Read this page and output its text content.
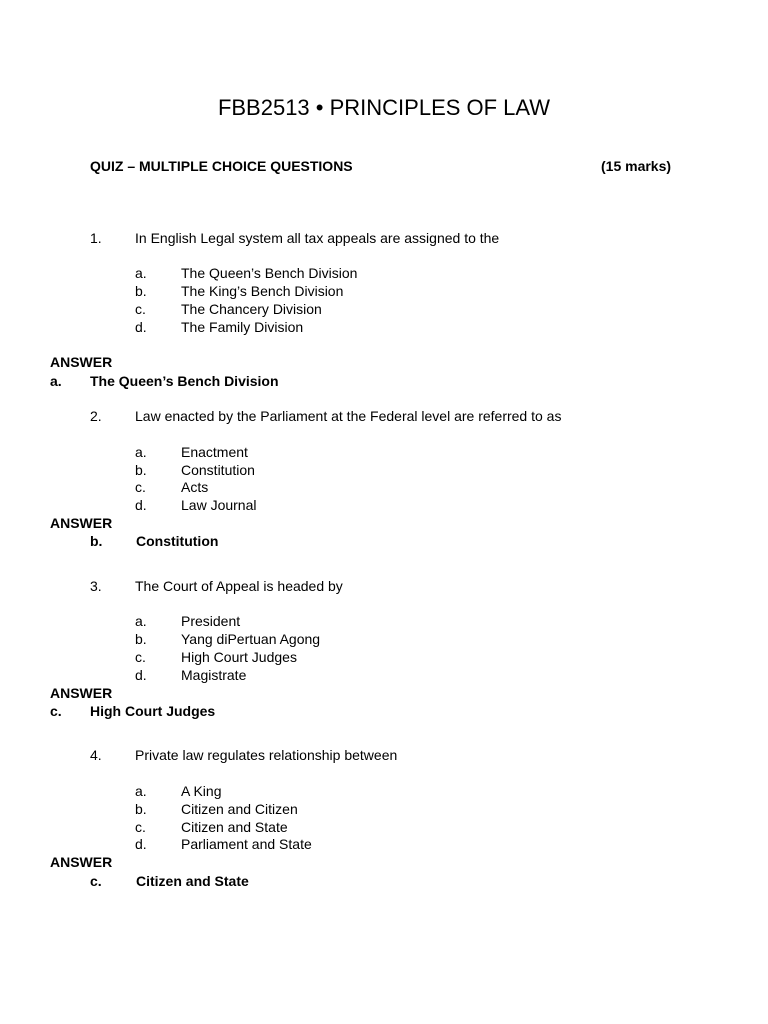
FBB2513 • PRINCIPLES OF LAW
QUIZ – MULTIPLE CHOICE QUESTIONS	(15 marks)
1. In English Legal system all tax appeals are assigned to the
a. The Queen’s Bench Division
b. The King’s Bench Division
c.	The Chancery Division
d. The Family Division
ANSWER
a. The Queen’s Bench Division
2. Law enacted by the Parliament at the Federal level are referred to as
a. Enactment
b. Constitution
c.	Acts
d. Law Journal
ANSWER
b. Constitution
3. The Court of Appeal is headed by
a. President
b. Yang diPertuan Agong
c.	High Court Judges
d. Magistrate
ANSWER
c. High Court Judges
4. Private law regulates relationship between
a. A King
b. Citizen and Citizen
c.	Citizen and State
d. Parliament and State
ANSWER
c. Citizen and State
